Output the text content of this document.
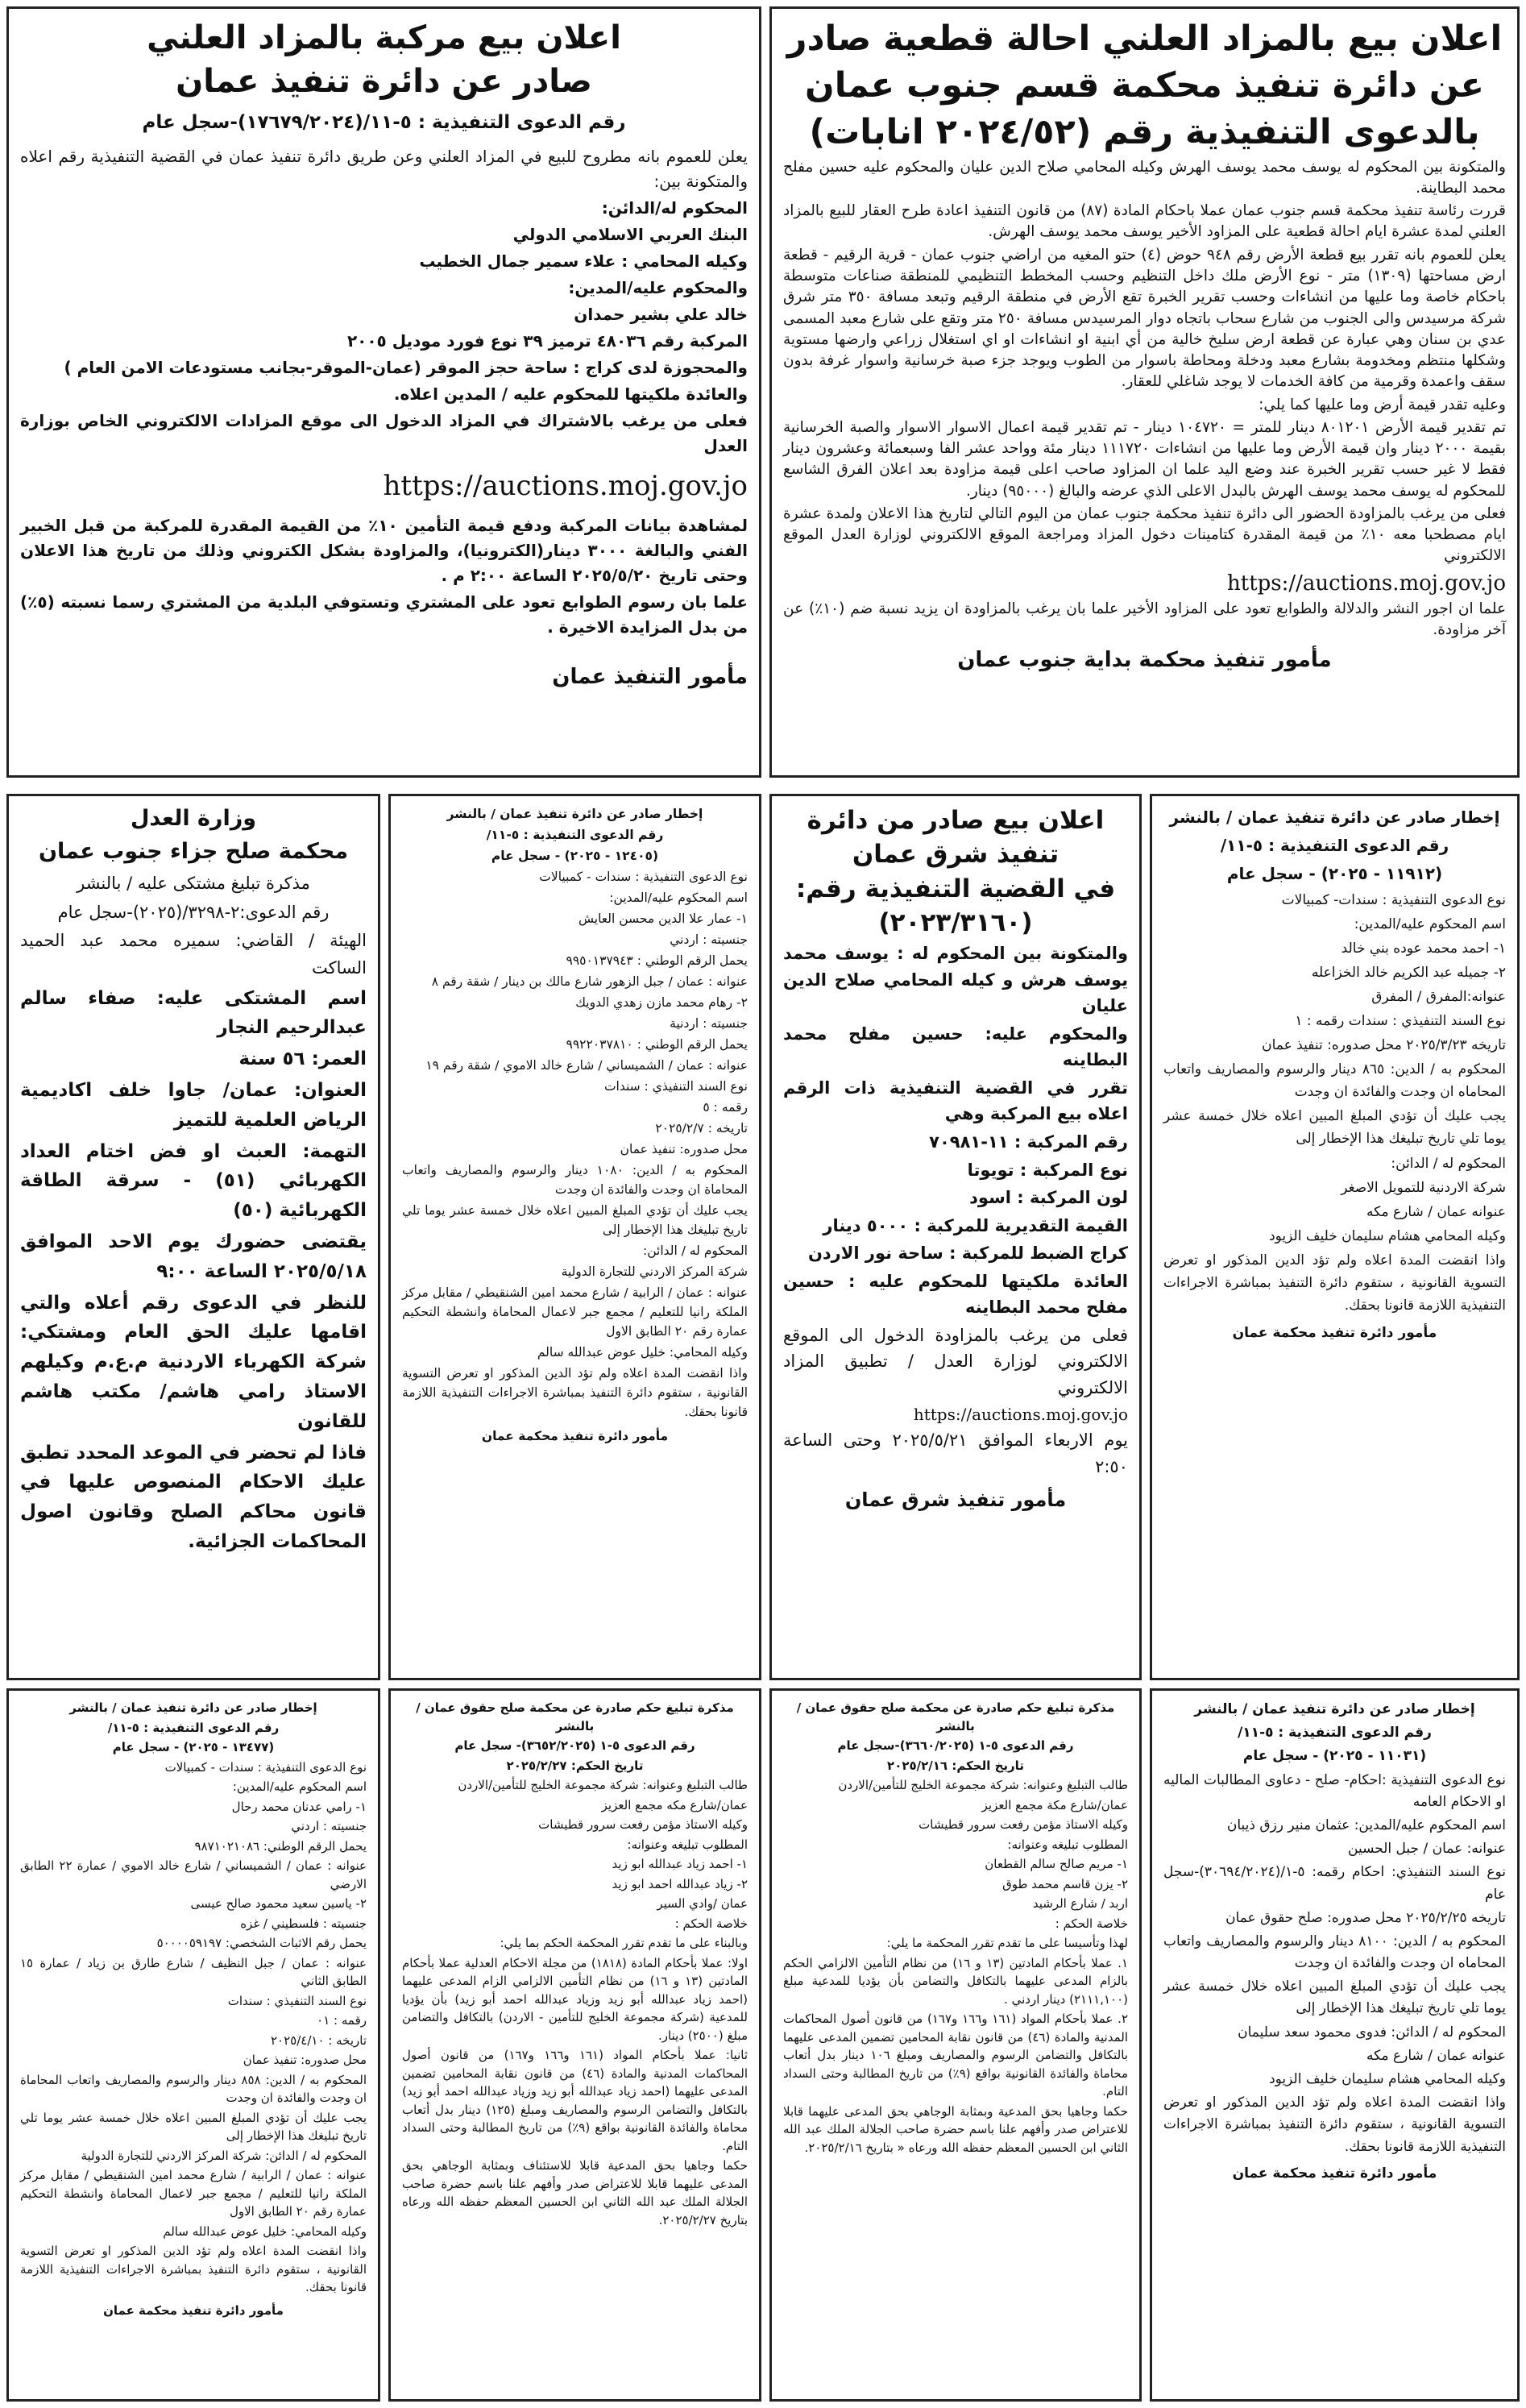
اعلان بيع بالمزاد العلني احالة قطعية صادر

عن دائرة تنفيذ محكمة قسم جنوب عمان

بالدعوى التنفيذية رقم (٢٠٢٤/٥٢ انابات)

والمتكونة بين المحكوم له يوسف محمد يوسف الهرش وكيله المحامي صلاح الدين عليان والمحكوم عليه حسين مفلح محمد البطاينة.

قررت رئاسة تنفيذ محكمة قسم جنوب عمان عملا باحكام المادة (٨٧) من قانون التنفيذ اعادة طرح العقار للبيع بالمزاد العلني لمدة عشرة ايام احالة قطعية على المزاود الأخير يوسف محمد يوسف الهرش.

يعلن للعموم بانه تقرر بيع قطعة الأرض رقم ٩٤٨ حوض (٤) حتو المغيه من اراضي جنوب عمان - قرية الرقيم - قطعة ارض مساحتها (١٣٠٩) متر - نوع الأرض ملك داخل التنظيم وحسب المخطط التنظيمي للمنطقة صناعات متوسطة باحكام خاصة وما عليها من انشاءات وحسب تقرير الخبرة تقع الأرض في منطقة الرقيم وتبعد مسافة ٣٥٠ متر شرق شركة مرسيدس والى الجنوب من شارع سحاب باتجاه دوار المرسيدس مسافة ٢٥٠ متر وتقع على شارع معبد المسمى عدي بن سنان وهي عبارة عن قطعة ارض سليخ خالية من أي ابنية او انشاءات او اي استغلال زراعي وارضها مستوية وشكلها منتظم ومخدومة بشارع معبد ودخلة ومحاطة باسوار من الطوب ويوجد جزء صبة خرسانية واسوار غرفة بدون سقف واعمدة وقرمية من كافة الخدمات لا يوجد شاغلي للعقار.

وعليه تقدر قيمة أرض وما عليها كما يلي:

تم تقدير قيمة الأرض ٨٠١٢٠١ دينار للمتر = ١٠٤٧٢٠ دينار - تم تقدير قيمة اعمال الاسوار الاسوار والصبة الخرسانية بقيمة ٢٠٠٠ دينار وان قيمة الأرض وما عليها من انشاءات ١١١٧٢٠ دينار مئة وواحد عشر الفا وسبعمائة وعشرون دينار فقط لا غير حسب تقرير الخبرة عند وضع اليد علما ان المزاود صاحب اعلى قيمة مزاودة بعد اعلان الفرق الشاسع للمحكوم له يوسف محمد يوسف الهرش بالبدل الاعلى الذي عرضه والبالغ (٩٥٠٠٠) دينار.

فعلى من يرغب بالمزاودة الحضور الى دائرة تنفيذ محكمة جنوب عمان من اليوم التالي لتاريخ هذا الاعلان ولمدة عشرة ايام مصطحبا معه ١٠٪ من قيمة المقدرة كتامينات دخول المزاد ومراجعة الموقع الالكتروني لوزارة العدل الموقع الالكتروني

https://auctions.moj.gov.jo

علما ان اجور النشر والدلالة والطوابع تعود على المزاود الأخير علما بان يرغب بالمزاودة ان يزيد نسبة ضم (١٠٪) عن آخر مزاودة.

مأمور تنفيذ محكمة بداية جنوب عمان

اعلان بيع مركبة بالمزاد العلني

صادر عن دائرة تنفيذ عمان

رقم الدعوى التنفيذية : ٥-١١/(١٧٦٧٩/٢٠٢٤)-سجل عام

يعلن للعموم بانه مطروح للبيع في المزاد العلني وعن طريق دائرة تنفيذ عمان في القضية التنفيذية رقم اعلاه والمتكونة بين:

المحكوم له/الدائن:

البنك العربي الاسلامي الدولي

وكيله المحامي : علاء سمير جمال الخطيب

والمحكوم عليه/المدين:

خالد علي بشير حمدان

المركبة رقم ٤٨٠٣٦ ترميز ٣٩ نوع فورد موديل ٢٠٠٥

والمحجوزة لدى كراج : ساحة حجز الموقر (عمان-الموقر-بجانب مستودعات الامن العام )

والعائدة ملكيتها للمحكوم عليه / المدين اعلاه.

فعلى من يرغب بالاشتراك في المزاد الدخول الى موقع المزادات الالكتروني الخاص بوزارة العدل

https://auctions.moj.gov.jo

لمشاهدة بيانات المركبة ودفع قيمة التأمين ١٠٪ من القيمة المقدرة للمركبة من قبل الخبير الفني والبالغة ٣٠٠٠ دينار(الكترونيا)، والمزاودة بشكل الكتروني وذلك من تاريخ هذا الاعلان وحتى تاريخ ٢٠٢٥/٥/٢٠ الساعة ٢:٠٠ م .

علما بان رسوم الطوابع تعود على المشتري وتستوفي البلدية من المشتري رسما نسبته (٥٪) من بدل المزايدة الاخيرة .

مأمور التنفيذ عمان

إخطار صادر عن دائرة تنفيذ عمان / بالنشر

رقم الدعوى التنفيذية : ٥-١١/

(١١٩١٢ - ٢٠٢٥) - سجل عام

نوع الدعوى التنفيذية : سندات- كمبيالات

اسم المحكوم عليه/المدين:

١- احمد محمد عوده بني خالد

٢- جميله عبد الكريم خالد الخزاعله

عنوانه:المفرق / المفرق

نوع السند التنفيذي : سندات رقمه : ١

تاريخه ٢٠٢٥/٣/٢٣ محل صدوره: تنفيذ عمان

المحكوم به / الدين: ٨٦٥ دينار والرسوم والمصاريف واتعاب المحاماه ان وجدت والفائدة ان وجدت

يجب عليك أن تؤدي المبلغ المبين اعلاه خلال خمسة عشر يوما تلي تاريخ تبليغك هذا الإخطار إلى

المحكوم له / الدائن:

شركة الاردنية للتمويل الاصغر

عنوانه عمان / شارع مكه

وكيله المحامي هشام سليمان خليف الزيود

واذا انقضت المدة اعلاه ولم تؤد الدين المذكور او تعرض التسوية القانونية ، ستقوم دائرة التنفيذ بمباشرة الاجراءات التنفيذية اللازمة قانونا بحقك.

مأمور دائرة تنفيذ محكمة عمان

اعلان بيع صادر من دائرة

تنفيذ شرق عمان

في القضية التنفيذية رقم:

(٢٠٢٣/٣١٦٠)

والمتكونة بين المحكوم له : يوسف محمد يوسف هرش و كيله المحامي صلاح الدين عليان

والمحكوم عليه: حسين مفلح محمد البطاينه

تقرر في القضية التنفيذية ذات الرقم اعلاه بيع المركبة وهي

رقم المركبة : ١١-٧٠٩٨١

نوع المركبة : تويوتا

لون المركبة : اسود

القيمة التقديرية للمركبة : ٥٠٠٠ دينار

كراج الضبط للمركبة : ساحة نور الاردن

العائدة ملكيتها للمحكوم عليه : حسين مفلح محمد البطاينه

فعلى من يرغب بالمزاودة الدخول الى الموقع الالكتروني لوزارة العدل / تطبيق المزاد الالكتروني

https://auctions.moj.gov.jo

يوم الاربعاء الموافق ٢٠٢٥/٥/٢١ وحتى الساعة ٢:٥٠

مأمور تنفيذ شرق عمان

إخطار صادر عن دائرة تنفيذ عمان / بالنشر

رقم الدعوى التنفيذية : ٥-١١/

(١٢٤٠٥ - ٢٠٢٥) - سجل عام

نوع الدعوى التنفيذية : سندات - كمبيالات

اسم المحكوم عليه/المدين:

١- عمار علا الدين محسن العايش

جنسيته : اردني

يحمل الرقم الوطني : ٩٩٥٠١٣٧٩٤٣

عنوانه : عمان / جبل الزهور شارع مالك بن دينار / شقة رقم ٨

٢- رهام محمد مازن زهدي الدويك

جنسيته : اردنية

يحمل الرقم الوطني : ٩٩٢٢٠٣٧٨١٠

عنوانه : عمان / الشميساني / شارع خالد الاموي / شقة رقم ١٩

نوع السند التنفيذي : سندات

رقمه : ٥

تاريخه : ٢٠٢٥/٢/٧

محل صدوره: تنفيذ عمان

المحكوم به / الدين: ١٠٨٠ دينار والرسوم والمصاريف واتعاب المحاماة ان وجدت والفائدة ان وجدت

يجب عليك أن تؤدي المبلغ المبين اعلاه خلال خمسة عشر يوما تلي تاريخ تبليغك هذا الإخطار إلى

المحكوم له / الدائن:

شركة المركز الاردني للتجارة الدولية

عنوانه : عمان / الرابية / شارع محمد امين الشنقيطي / مقابل مركز الملكة رانيا للتعليم / مجمع جبر لاعمال المحاماة وانشطة التحكيم عمارة رقم ٢٠ الطابق الاول

وكيله المحامي: خليل عوض عبدالله سالم

واذا انقضت المدة اعلاه ولم تؤد الدين المذكور او تعرض التسوية القانونية ، ستقوم دائرة التنفيذ بمباشرة الاجراءات التنفيذية اللازمة قانونا بحقك.

مأمور دائرة تنفيذ محكمة عمان

وزارة العدل

محكمة صلح جزاء جنوب عمان

مذكرة تبليغ مشتكى عليه / بالنشر

رقم الدعوى:٢-٣٢٩٨/(٢٠٢٥)-سجل عام

الهيئة / القاضي: سميره محمد عبد الحميد الساكت

اسم المشتكى عليه: صفاء سالم عبدالرحيم النجار

العمر: ٥٦ سنة

العنوان: عمان/ جاوا خلف اكاديمية الرياض العلمية للتميز

التهمة: العبث او فض اختام العداد الكهربائي (٥١) - سرقة الطاقة الكهربائية (٥٠)

يقتضى حضورك يوم الاحد الموافق ٢٠٢٥/٥/١٨ الساعة ٩:٠٠

للنظر في الدعوى رقم أعلاه والتي اقامها عليك الحق العام ومشتكي: شركة الكهرباء الاردنية م.ع.م وكيلهم الاستاذ رامي هاشم/ مكتب هاشم للقانون

فاذا لم تحضر في الموعد المحدد تطبق عليك الاحكام المنصوص عليها في قانون محاكم الصلح وقانون اصول المحاكمات الجزائية.

إخطار صادر عن دائرة تنفيذ عمان / بالنشر

رقم الدعوى التنفيذية : ٥-١١/

(١١٠٣١ - ٢٠٢٥) - سجل عام

نوع الدعوى التنفيذية :احكام- صلح - دعاوى المطالبات الماليه او الاحكام العامه

اسم المحكوم عليه/المدين: عثمان منير رزق ذيبان

عنوانه: عمان / جبل الحسين

نوع السند التنفيذي: احكام رقمه: ٥-١/(٣٠٦٩٤/٢٠٢٤)-سجل عام

تاريخه ٢٠٢٥/٢/٢٥ محل صدوره: صلح حقوق عمان

المحكوم به / الدين: ٨١٠٠ دينار والرسوم والمصاريف واتعاب المحاماه ان وجدت والفائدة ان وجدت

يجب عليك أن تؤدي المبلغ المبين اعلاه خلال خمسة عشر يوما تلي تاريخ تبليغك هذا الإخطار إلى

المحكوم له / الدائن: فدوى محمود سعد سليمان

عنوانه عمان / شارع مكه

وكيله المحامي هشام سليمان خليف الزيود

واذا انقضت المدة اعلاه ولم تؤد الدين المذكور او تعرض التسوية القانونية ، ستقوم دائرة التنفيذ بمباشرة الاجراءات التنفيذية اللازمة قانونا بحقك.

مأمور دائرة تنفيذ محكمة عمان

مذكرة تبليغ حكم صادرة عن محكمة صلح حقوق عمان / بالنشر

رقم الدعوى ٥-١ (٣٦٦٠/٢٠٢٥)-سجل عام

تاريخ الحكم: ٢٠٢٥/٢/١٦

طالب التبليغ وعنوانه: شركة مجموعة الخليج للتأمين/الاردن

عمان/شارع مكة مجمع العزيز

وكيله الاستاذ مؤمن رفعت سرور قطيشات

المطلوب تبليغه وعنوانه:

١- مريم صالح سالم القطعان

٢- يزن قاسم محمد طوق

اربد / شارع الرشيد

خلاصة الحكم :

لهذا وتأسيسا على ما تقدم تقرر المحكمة ما يلي:

١. عملا بأحكام المادتين (١٣ و ١٦) من نظام التأمين الالزامي الحكم بالزام المدعى عليهما بالتكافل والتضامن بأن يؤديا للمدعية مبلغ (٢١١١,١٠٠) دينار اردني .

٢. عملا بأحكام المواد (١٦١ و١٦٦ و١٦٧) من قانون أصول المحاكمات المدنية والمادة (٤٦) من قانون نقابة المحامين تضمين المدعى عليهما بالتكافل والتضامن الرسوم والمصاريف ومبلغ ١٠٦ دينار بدل أتعاب محاماة والفائدة القانونية بواقع (٩٪) من تاريخ المطالبة وحتى السداد التام.

حكما وجاهيا بحق المدعية وبمثابة الوجاهي بحق المدعى عليهما قابلا للاعتراض صدر وأفهم علنا باسم حضرة صاحب الجلالة الملك عبد الله الثاني ابن الحسين المعظم حفظه الله ورعاه « بتاريخ ٢٠٢٥/٢/١٦.

مذكرة تبليغ حكم صادرة عن محكمة صلح حقوق عمان / بالنشر

رقم الدعوى ٥-١ (٣٦٥٢/٢٠٢٥)- سجل عام

تاريخ الحكم: ٢٠٢٥/٢/٢٧

طالب التبليغ وعنوانه: شركة مجموعة الخليج للتأمين/الاردن

عمان/شارع مكه مجمع العزيز

وكيله الاستاذ مؤمن رفعت سرور قطيشات

المطلوب تبليغه وعنوانه:

١- احمد زياد عبدالله ابو زيد

٢- زياد عبدالله احمد ابو زيد

عمان /وادي السير

خلاصة الحكم :

وبالبناء على ما تقدم تقرر المحكمة الحكم بما يلي:

اولا: عملا بأحكام المادة (١٨١٨) من مجلة الاحكام العدلية عملا بأحكام المادتين (١٣ و ١٦) من نظام التأمين الالزامي الزام المدعى عليهما (احمد زياد عبدالله أبو زيد وزياد عبدالله احمد أبو زيد) بأن يؤديا للمدعية (شركة مجموعة الخليج للتأمين - الاردن) بالتكافل والتضامن مبلغ (٢٥٠٠) دينار.

ثانيا: عملا بأحكام المواد (١٦١ و١٦٦ و١٦٧) من قانون أصول المحاكمات المدنية والمادة (٤٦) من قانون نقابة المحامين تضمين المدعى عليهما (احمد زياد عبدالله أبو زيد وزياد عبدالله احمد أبو زيد) بالتكافل والتضامن الرسوم والمصاريف ومبلغ (١٢٥) دينار بدل أتعاب محاماة والفائدة القانونية بواقع (٩٪) من تاريخ المطالبة وحتى السداد التام.

حكما وجاهيا بحق المدعية قابلا للاستئناف وبمثابة الوجاهي بحق المدعى عليهما قابلا للاعتراض صدر وأفهم علنا باسم حضرة صاحب الجلالة الملك عبد الله الثاني ابن الحسين المعظم حفظه الله ورعاه بتاريخ ٢٠٢٥/٢/٢٧.

إخطار صادر عن دائرة تنفيذ عمان / بالنشر

رقم الدعوى التنفيذية : ٥-١١/

(١٣٤٧٧ - ٢٠٢٥) - سجل عام

نوع الدعوى التنفيذية : سندات - كمبيالات

اسم المحكوم عليه/المدين:

١- رامي عدنان محمد رحال

جنسيته : اردني

يحمل الرقم الوطني: ٩٨٧١٠٢١٠٨٦

عنوانه : عمان / الشميساني / شارع خالد الاموي / عمارة ٢٢ الطابق الارضي

٢- ياسين سعيد محمود صالح عيسى

جنسيته : فلسطيني / غزه

يحمل رقم الاثبات الشخصي: ٥٠٠٠٠٥٩١٩٧

عنوانه : عمان / جبل النظيف / شارع طارق بن زياد / عمارة ١٥ الطابق الثاني

نوع السند التنفيذي : سندات

رقمه : ٠١

تاريخه : ٢٠٢٥/٤/١٠

محل صدوره: تنفيذ عمان

المحكوم به / الدين: ٨٥٨ دينار والرسوم والمصاريف واتعاب المحاماة ان وجدت والفائدة ان وجدت

يجب عليك أن تؤدي المبلغ المبين اعلاه خلال خمسة عشر يوما تلي تاريخ تبليغك هذا الإخطار إلى

المحكوم له / الدائن: شركة المركز الاردني للتجارة الدولية

عنوانه : عمان / الرابية / شارع محمد امين الشنقيطي / مقابل مركز الملكة رانيا للتعليم / مجمع جبر لاعمال المحاماة وانشطة التحكيم عمارة رقم ٢٠ الطابق الاول

وكيله المحامي: خليل عوض عبدالله سالم

واذا انقضت المدة اعلاه ولم تؤد الدين المذكور او تعرض التسوية القانونية ، ستقوم دائرة التنفيذ بمباشرة الاجراءات التنفيذية اللازمة قانونا بحقك.

مأمور دائرة تنفيذ محكمة عمان
